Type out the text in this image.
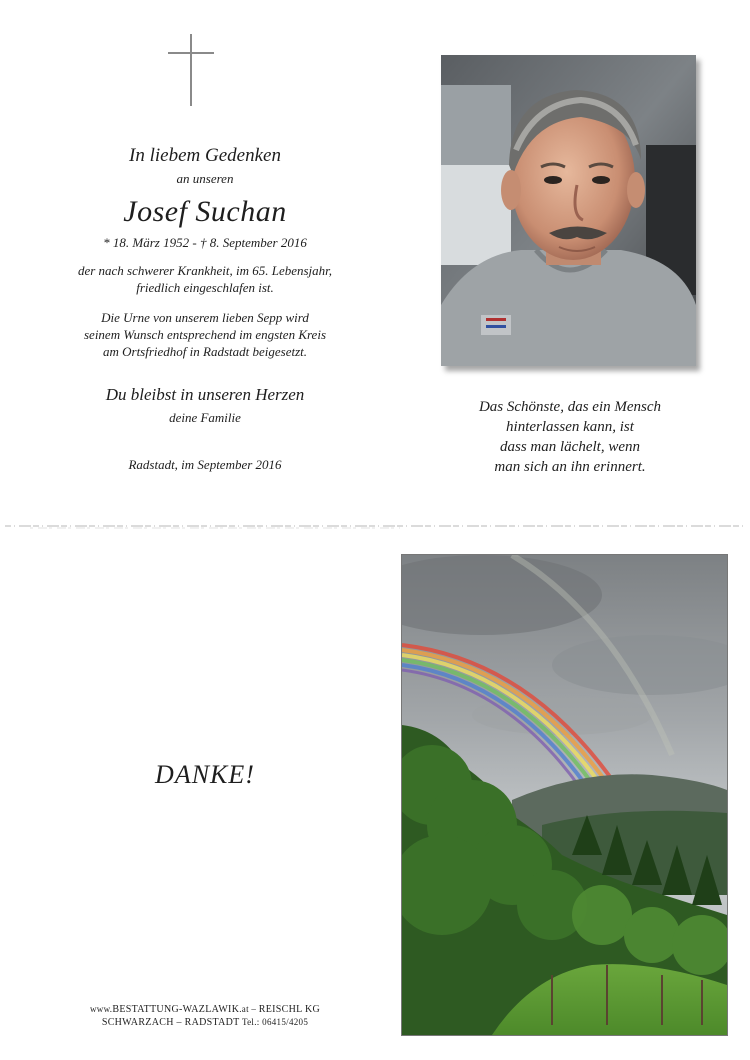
In liebem Gedenken
an unseren
Josef Suchan
* 18. März 1952 - † 8. September 2016
der nach schwerer Krankheit, im 65. Lebensjahr,
friedlich eingeschlafen ist.
Die Urne von unserem lieben Sepp wird
seinem Wunsch entsprechend im engsten Kreis
am Ortsfriedhof in Radstadt beigesetzt.
Du bleibst in unseren Herzen
deine Familie
Radstadt, im September 2016
Das Schönste, das ein Mensch
hinterlassen kann, ist
dass man lächelt, wenn
man sich an ihn erinnert.
DANKE!
www.BESTATTUNG-WAZLAWIK.at – REISCHL KG
SCHWARZACH – RADSTADT Tel.: 06415/4205
